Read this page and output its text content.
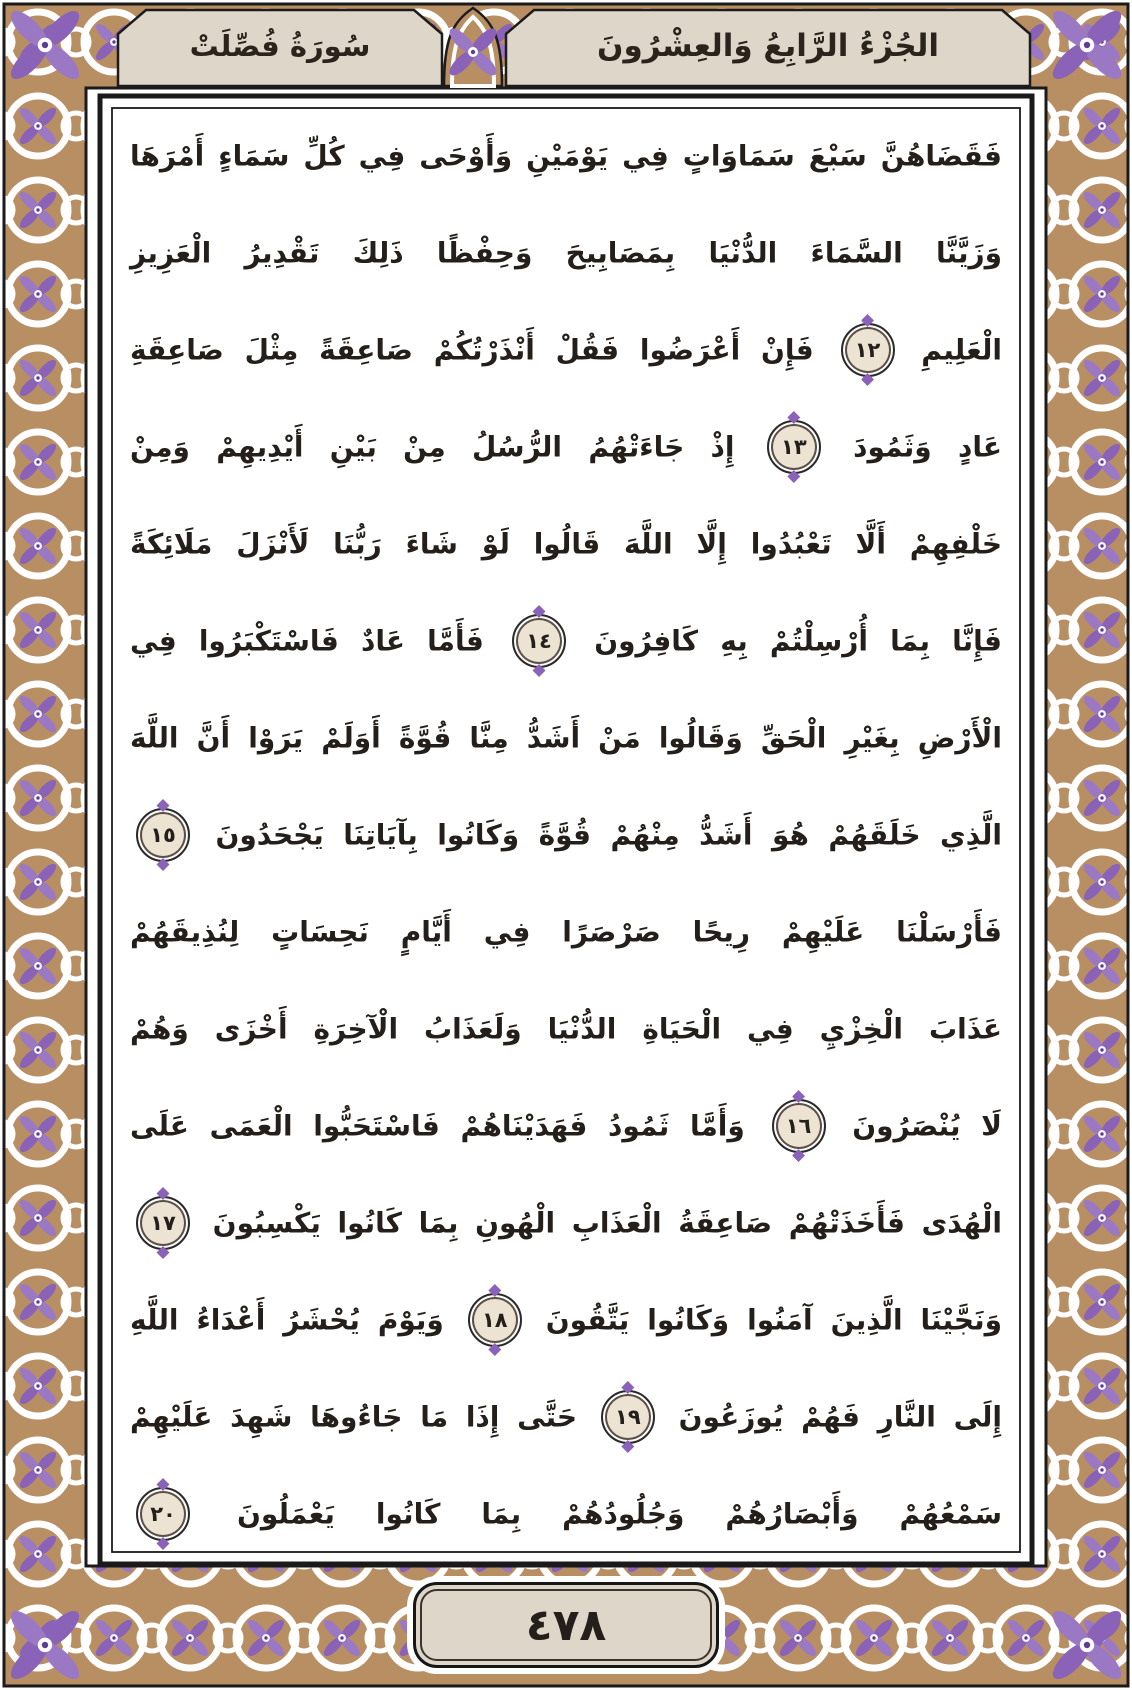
الجُزْءُ الرَّابِعُ وَالعِشْرُونَ
سُورَةُ فُصِّلَتْ
فَقَضَاهُنَّ سَبْعَ سَمَاوَاتٍ فِي يَوْمَيْنِ وَأَوْحَى فِي كُلِّ سَمَاءٍ أَمْرَهَا
وَزَيَّنَّا السَّمَاءَ الدُّنْيَا بِمَصَابِيحَ وَحِفْظًا ذَلِكَ تَقْدِيرُ الْعَزِيزِ
الْعَلِيمِ
١٢
فَإِنْ أَعْرَضُوا فَقُلْ أَنْذَرْتُكُمْ صَاعِقَةً مِثْلَ صَاعِقَةِ
عَادٍ وَثَمُودَ
١٣
إِذْ جَاءَتْهُمُ الرُّسُلُ مِنْ بَيْنِ أَيْدِيهِمْ وَمِنْ
خَلْفِهِمْ أَلَّا تَعْبُدُوا إِلَّا اللَّهَ قَالُوا لَوْ شَاءَ رَبُّنَا لَأَنْزَلَ مَلَائِكَةً
فَإِنَّا بِمَا أُرْسِلْتُمْ بِهِ كَافِرُونَ
١٤
فَأَمَّا عَادٌ فَاسْتَكْبَرُوا فِي
الْأَرْضِ بِغَيْرِ الْحَقِّ وَقَالُوا مَنْ أَشَدُّ مِنَّا قُوَّةً أَوَلَمْ يَرَوْا أَنَّ اللَّهَ
الَّذِي خَلَقَهُمْ هُوَ أَشَدُّ مِنْهُمْ قُوَّةً وَكَانُوا بِآيَاتِنَا يَجْحَدُونَ
١٥
فَأَرْسَلْنَا عَلَيْهِمْ رِيحًا صَرْصَرًا فِي أَيَّامٍ نَحِسَاتٍ لِنُذِيقَهُمْ
عَذَابَ الْخِزْيِ فِي الْحَيَاةِ الدُّنْيَا وَلَعَذَابُ الْآخِرَةِ أَخْزَى وَهُمْ
لَا يُنْصَرُونَ
١٦
وَأَمَّا ثَمُودُ فَهَدَيْنَاهُمْ فَاسْتَحَبُّوا الْعَمَى عَلَى
الْهُدَى فَأَخَذَتْهُمْ صَاعِقَةُ الْعَذَابِ الْهُونِ بِمَا كَانُوا يَكْسِبُونَ
١٧
وَنَجَّيْنَا الَّذِينَ آمَنُوا وَكَانُوا يَتَّقُونَ
١٨
وَيَوْمَ يُحْشَرُ أَعْدَاءُ اللَّهِ
إِلَى النَّارِ فَهُمْ يُوزَعُونَ
١٩
حَتَّى إِذَا مَا جَاءُوهَا شَهِدَ عَلَيْهِمْ
سَمْعُهُمْ وَأَبْصَارُهُمْ وَجُلُودُهُمْ بِمَا كَانُوا يَعْمَلُونَ
٢٠
٤٧٨
